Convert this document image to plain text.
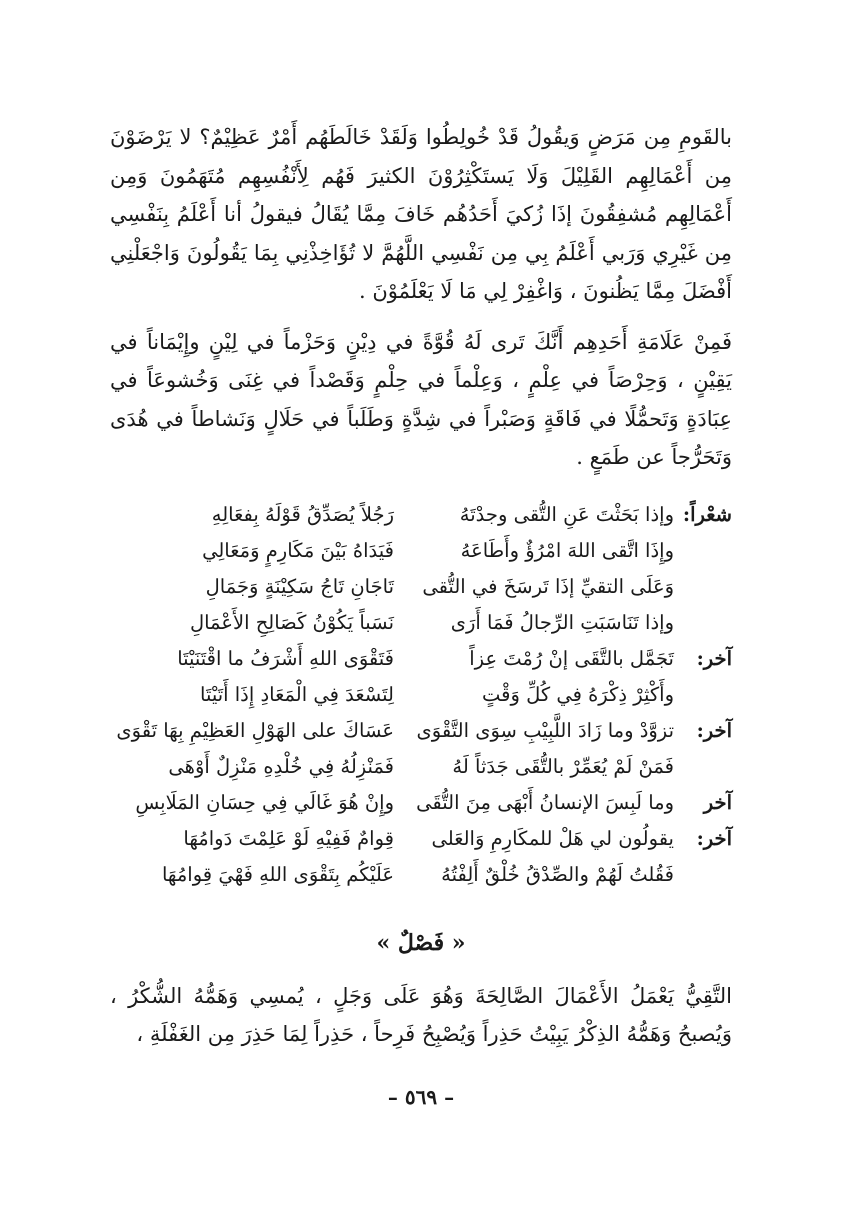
بالقَومِ مِن مَرَضٍ وَيقُولُ قَدْ خُولِطُوا وَلَقَدْ خَالَطَهُم أَمْرٌ عَظِيْمٌ؟ لا يَرْضَوْنَ مِن أَعْمَالِهِم القَلِيْلَ وَلَا يَستَكْثِرُوْنَ الكثيرَ فَهُم لِأَنْفُسِهِم مُتَهَمُونَ وَمِن أَعْمَالِهِم مُشفِقُونَ إذَا زُكيَ أَحَدُهُم خَافَ مِمَّا يُقَالُ فيقولُ أنا أَعْلَمُ بِنَفْسِي مِن غَيْرِي وَرَبي أَعْلَمُ بِي مِن نَفْسِي اللَّهُمَّ لا تُؤَاخِذْنِي بِمَا يَقُولُونَ وَاجْعَلْنِي أَفْضَلَ مِمَّا يَظُنونَ ، وَاغْفِرْ لِي مَا لَا يَعْلَمُوْنَ .

فَمِنْ عَلَامَةِ أَحَدِهِم أَنَّكَ تَرى لَهُ قُوَّةً في دِيْنٍ وَحَزْماً في لِيْنٍ وإِيْمَاناً في يَقِيْنٍ ، وَحِرْصَاً في عِلْمٍ ، وَعِلْماً في حِلْمٍ وَقَصْداً في غِنَى وَخُشوعَاً في عِبَادَةٍ وَتَحمُّلًا في فَاقَةٍ وَصَبْراً في شِدَّةٍ وَطَلَباً في حَلَالٍ وَنَشاطاً في هُدَى وَتَحَرُّجاً عن طَمَعٍ .

شعْراً:
وإذا بَحَثْتَ عَنِ التُّقى وجدْتَهُ
رَجُلاً يُصَدِّقُ قَوْلَهُ بِفعَالِهِ
وإِذَا اتَّقى اللهَ امْرُؤٌ وأَطَاعَهُ
فَيَدَاهُ بَيْنَ مَكَارِمٍ وَمَعَالِي
وَعَلَى التقيِّ إذَا تَرسَخَ في التُّقى
تَاجَانِ تَاجُ سَكِيْنَةٍ وَجَمَالِ
وإذا تَنَاسَبَتِ الرِّجالُ فَمَا أَرَى
نَسَباً يَكُوْنُ كَصَالِحِ الأَعْمَالِ
آخر:
تَجَمَّل بالتَّقَى إنْ رُمْتَ عِزاً
فَتَقْوَى اللهِ أَشْرَفُ ما اقْتَنَيْتَا
وأَكْثِرْ ذِكْرَهُ فِي كُلِّ وَقْتٍ
لِتَسْعَدَ فِي الْمَعَادِ إِذَا أَتَيْتَا
آخر:
تزوَّدْ وما زَادَ اللَّبِيْبِ سِوَى التَّقْوَى
عَسَاكَ على الهَوْلِ العَظِيْمِ بِهَا تَقْوَى
فَمَنْ لَمْ يُعَمِّرْ بالتُّقَى جَدَثاً لَهُ
فَمَنْزِلُهُ فِي خُلْدِهِ مَنْزِلٌ أَوْهَى
آخر
وما لَبِسَ الإنسانُ أَبْهَى مِنَ التُّقَى
وإِنْ هُوَ غَالَي فِي حِسَانِ المَلَابِسِ
آخر:
يقولُون لي هَلْ للمكَارِمِ وَالعَلى
قِوامٌ فَفِيْهِ لَوْ عَلِمْتَ دَوامُهَا
فَقُلتُ لَهُمْ والصِّدْقُ خُلْقٌ أَلِفْتُهُ
عَلَيْكُم بِتَقْوَى اللهِ فَهْيَ قِوامُهَا
« فَصْلٌ »

التَّقِيُّ يَعْمَلُ الأَعْمَالَ الصَّالِحَةَ وَهُوَ عَلَى وَجَلٍ ، يُمسِي وَهَمُّهُ الشُّكْرُ ، وَيُصبحُ وَهَمُّهُ الذِكْرُ يَبِيْتُ حَذِراً وَيُصْبِحُ فَرِحاً ، حَذِراً لِمَا حَذِرَ مِن الغَفْلَةِ ،

– ٥٦٩ –
